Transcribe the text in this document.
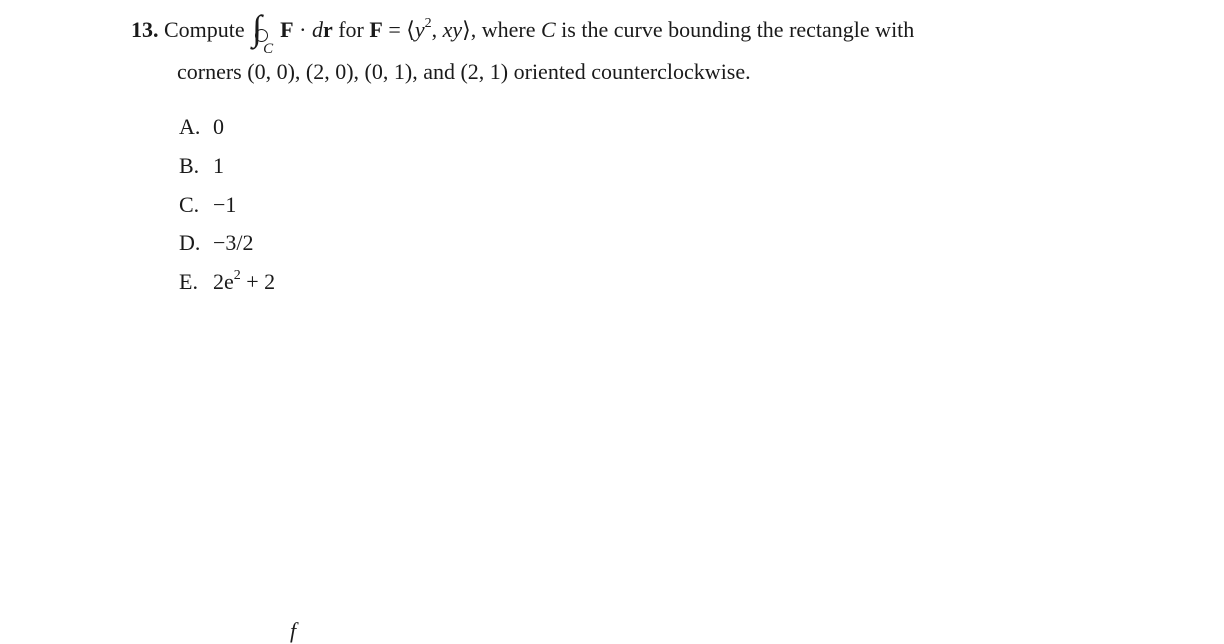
13. Compute ∫
C
F · dr for $F = ⟨y^2$, xy⟩, where C is the curve bounding the rectangle with
corners (0, 0), (2, 0), (0, 1), and (2, 1) oriented counterclockwise.
A. 0
B. 1
C. −1
D. −3/2
E. $2e^2 + 2$
f
